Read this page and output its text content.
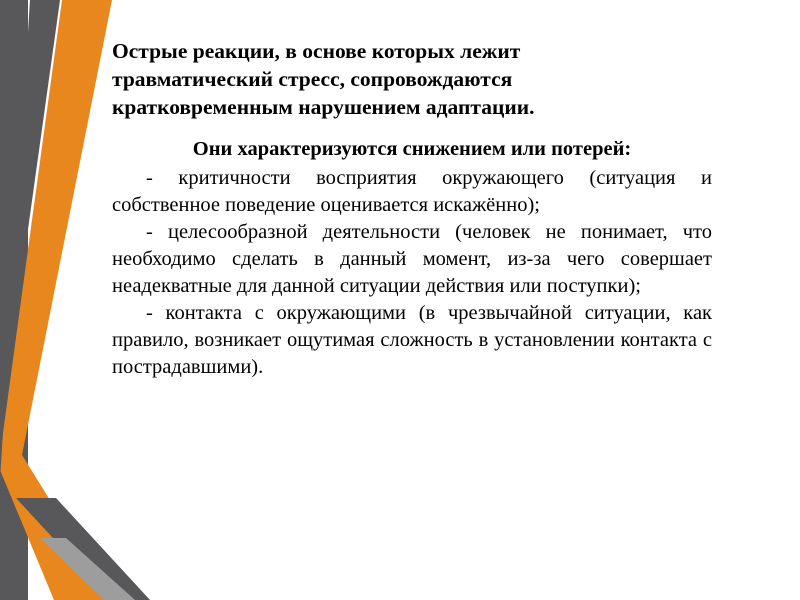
Острые реакции, в основе которых лежит травматический стресс, сопровождаются кратковременным нарушением адаптации.

Они характеризуются снижением или потерей:

- критичности восприятия окружающего (ситуация и собственное поведение оценивается искажённо);

- целесообразной деятельности (человек не понимает, что необходимо сделать в данный момент, из-за чего совершает неадекватные для данной ситуации действия или поступки);

- контакта с окружающими (в чрезвычайной ситуации, как правило, возникает ощутимая сложность в установлении контакта с пострадавшими).
